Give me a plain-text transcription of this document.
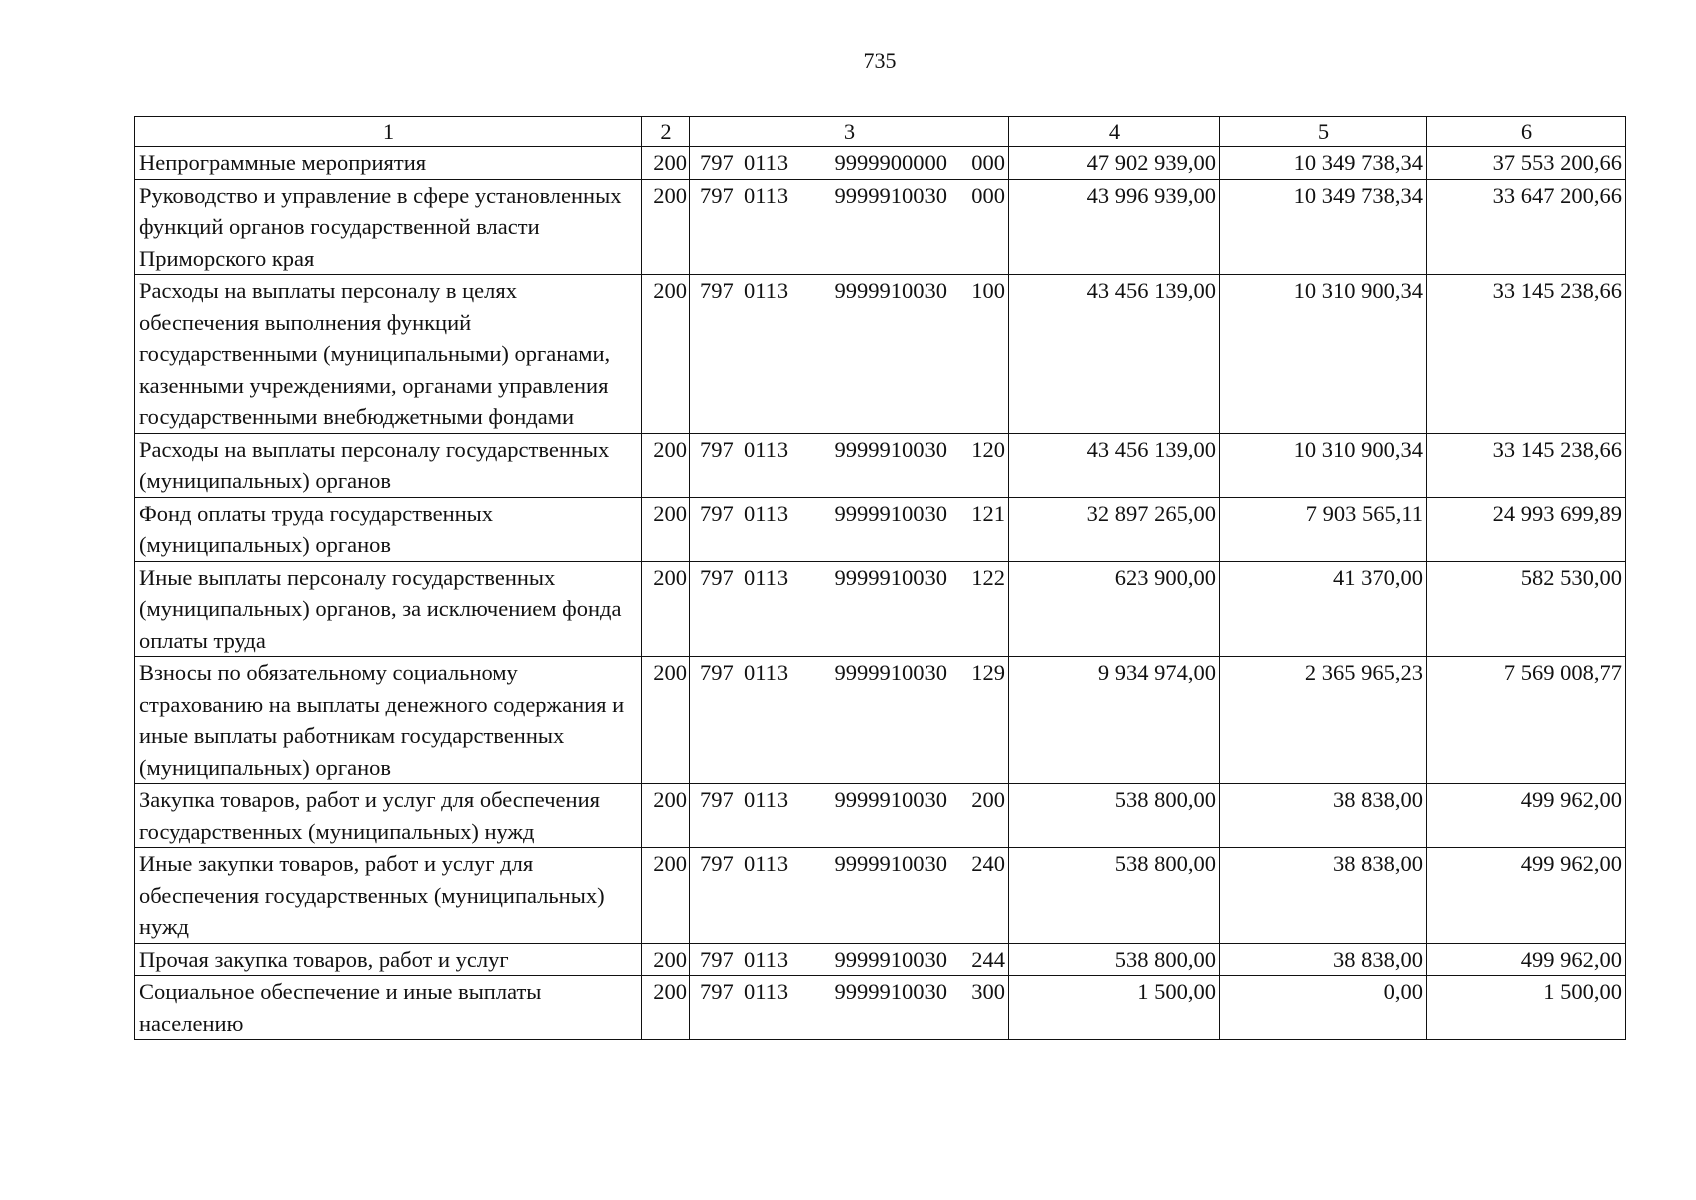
735
1	2	3	4	5	6
Непрограммные мероприятия	200	797 0113 9999900000 000	47 902 939,00	10 349 738,34	37 553 200,66
Руководство и управление в сфере установленных функций органов государственной власти Приморского края	200	797 0113 9999910030 000	43 996 939,00	10 349 738,34	33 647 200,66
Расходы на выплаты персоналу в целях обеспечения выполнения функций государственными (муниципальными) органами, казенными учреждениями, органами управления государственными внебюджетными фондами	200	797 0113 9999910030 100	43 456 139,00	10 310 900,34	33 145 238,66
Расходы на выплаты персоналу государственных (муниципальных) органов	200	797 0113 9999910030 120	43 456 139,00	10 310 900,34	33 145 238,66
Фонд оплаты труда государственных (муниципальных) органов	200	797 0113 9999910030 121	32 897 265,00	7 903 565,11	24 993 699,89
Иные выплаты персоналу государственных (муниципальных) органов, за исключением фонда оплаты труда	200	797 0113 9999910030 122	623 900,00	41 370,00	582 530,00
Взносы по обязательному социальному страхованию на выплаты денежного содержания и иные выплаты работникам государственных (муниципальных) органов	200	797 0113 9999910030 129	9 934 974,00	2 365 965,23	7 569 008,77
Закупка товаров, работ и услуг для обеспечения государственных (муниципальных) нужд	200	797 0113 9999910030 200	538 800,00	38 838,00	499 962,00
Иные закупки товаров, работ и услуг для обеспечения государственных (муниципальных) нужд	200	797 0113 9999910030 240	538 800,00	38 838,00	499 962,00
Прочая закупка товаров, работ и услуг	200	797 0113 9999910030 244	538 800,00	38 838,00	499 962,00
Социальное обеспечение и иные выплаты населению	200	797 0113 9999910030 300	1 500,00	0,00	1 500,00
